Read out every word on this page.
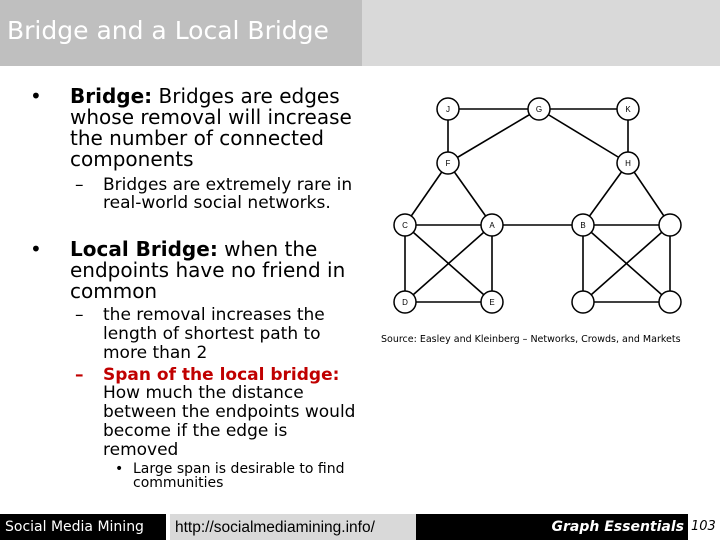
Bridge and a Local Bridge
• Bridge: Bridges are edges
whose removal will increase
the number of connected
components
– Bridges are extremely rare in
real-world social networks.
• Local Bridge: when the
endpoints have no friend in
common
– the removal increases the
length of shortest path to
more than 2
– Span of the local bridge:
How much the distance
between the endpoints would
become if the edge is
removed
• Large span is desirable to find
communities
J	G	K
F	H
C	A	B
D	E
Source: Easley and Kleinberg – Networks, Crowds, and Markets
Social Media Mining	http://socialmediamining.info/	Graph Essentials 103
